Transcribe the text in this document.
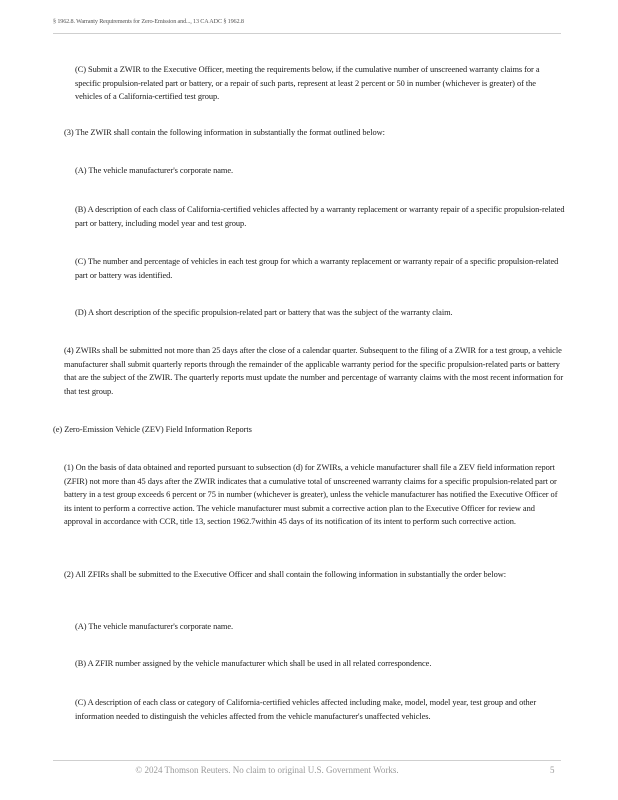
§ 1962.8. Warranty Requirements for Zero-Emission and..., 13 CA ADC § 1962.8

(C) Submit a ZWIR to the Executive Officer, meeting the requirements below, if the cumulative number of unscreened warranty claims for a specific propulsion-related part or battery, or a repair of such parts, represent at least 2 percent or 50 in number (whichever is greater) of the vehicles of a California-certified test group.

(3) The ZWIR shall contain the following information in substantially the format outlined below:

(A) The vehicle manufacturer's corporate name.

(B) A description of each class of California-certified vehicles affected by a warranty replacement or warranty repair of a specific propulsion-related part or battery, including model year and test group.

(C) The number and percentage of vehicles in each test group for which a warranty replacement or warranty repair of a specific propulsion-related part or battery was identified.

(D) A short description of the specific propulsion-related part or battery that was the subject of the warranty claim.

(4) ZWIRs shall be submitted not more than 25 days after the close of a calendar quarter. Subsequent to the filing of a ZWIR for a test group, a vehicle manufacturer shall submit quarterly reports through the remainder of the applicable warranty period for the specific propulsion-related parts or battery that are the subject of the ZWIR. The quarterly reports must update the number and percentage of warranty claims with the most recent information for that test group.

(e) Zero-Emission Vehicle (ZEV) Field Information Reports

(1) On the basis of data obtained and reported pursuant to subsection (d) for ZWIRs, a vehicle manufacturer shall file a ZEV field information report (ZFIR) not more than 45 days after the ZWIR indicates that a cumulative total of unscreened warranty claims for a specific propulsion-related part or battery in a test group exceeds 6 percent or 75 in number (whichever is greater), unless the vehicle manufacturer has notified the Executive Officer of its intent to perform a corrective action. The vehicle manufacturer must submit a corrective action plan to the Executive Officer for review and approval in accordance with CCR, title 13, section 1962.7within 45 days of its notification of its intent to perform such corrective action.

(2) All ZFIRs shall be submitted to the Executive Officer and shall contain the following information in substantially the order below:

(A) The vehicle manufacturer's corporate name.

(B) A ZFIR number assigned by the vehicle manufacturer which shall be used in all related correspondence.

(C) A description of each class or category of California-certified vehicles affected including make, model, model year, test group and other information needed to distinguish the vehicles affected from the vehicle manufacturer's unaffected vehicles.

© 2024 Thomson Reuters. No claim to original U.S. Government Works.	5
